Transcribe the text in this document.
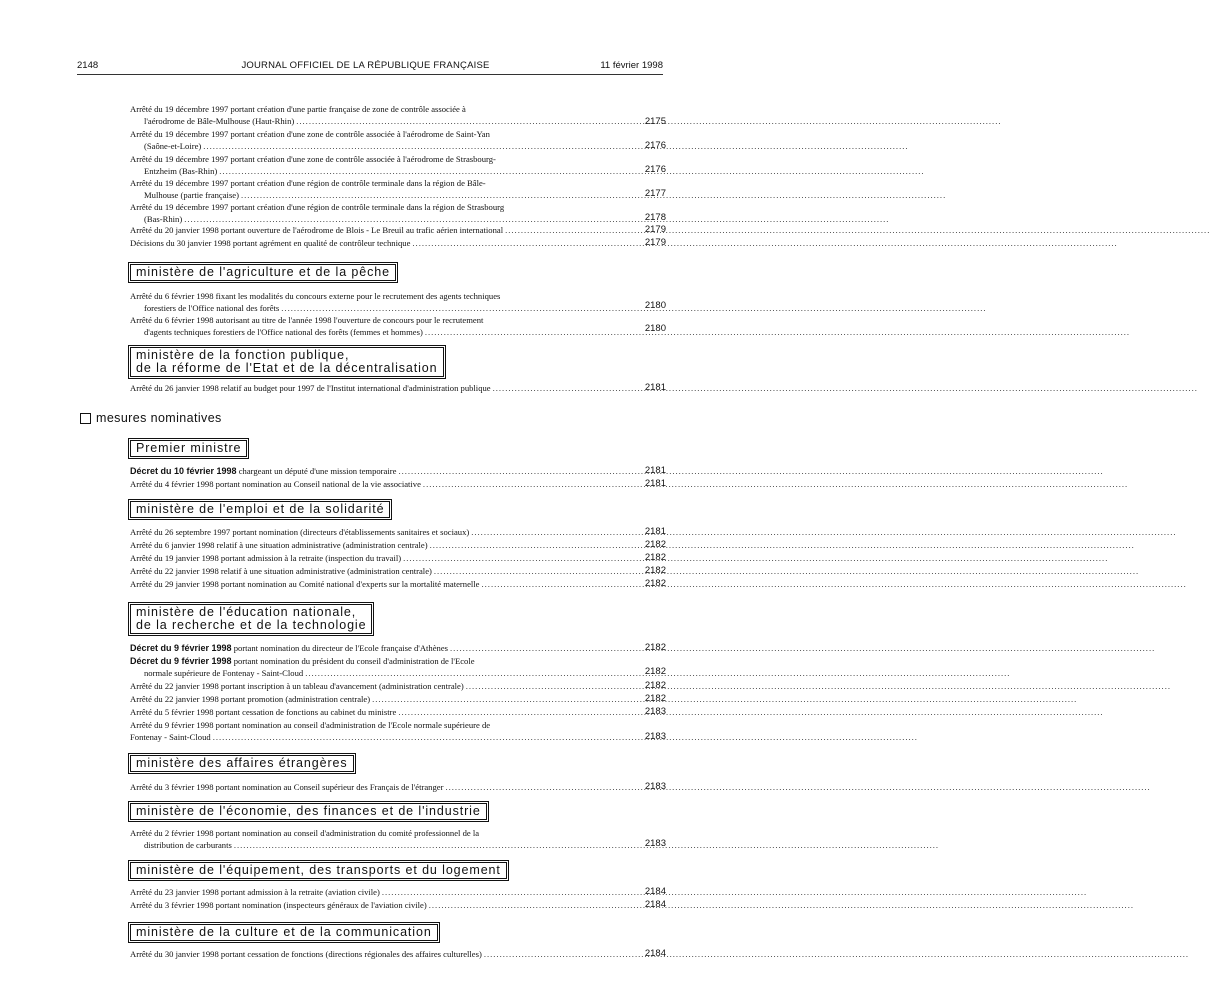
2148	JOURNAL OFFICIEL DE LA RÉPUBLIQUE FRANÇAISE	11 février 1998
Arrêté du 19 décembre 1997 portant création d'une partie française de zone de contrôle associée à
l'aérodrome de Bâle-Mulhouse (Haut-Rhin) .....	2175
Arrêté du 19 décembre 1997 portant création d'une zone de contrôle associée à l'aérodrome de Saint-Yan
(Saône-et-Loire) .....	2176
Arrêté du 19 décembre 1997 portant création d'une zone de contrôle associée à l'aérodrome de Strasbourg-
Entzheim (Bas-Rhin) .....	2176
Arrêté du 19 décembre 1997 portant création d'une région de contrôle terminale dans la région de Bâle-
Mulhouse (partie française) .....	2177
Arrêté du 19 décembre 1997 portant création d'une région de contrôle terminale dans la région de Strasbourg
(Bas-Rhin) .....	2178
Arrêté du 20 janvier 1998 portant ouverture de l'aérodrome de Blois - Le Breuil au trafic aérien international .....	2179
Décisions du 30 janvier 1998 portant agrément en qualité de contrôleur technique .....	2179
ministère de l'agriculture et de la pêche
Arrêté du 6 février 1998 fixant les modalités du concours externe pour le recrutement des agents techniques
forestiers de l'Office national des forêts .....	2180
Arrêté du 6 février 1998 autorisant au titre de l'année 1998 l'ouverture de concours pour le recrutement
d'agents techniques forestiers de l'Office national des forêts (femmes et hommes) .....	2180
ministère de la fonction publique,
de la réforme de l'Etat et de la décentralisation
Arrêté du 26 janvier 1998 relatif au budget pour 1997 de l'Institut international d'administration publique .....	2181
mesures nominatives
Premier ministre
Décret du 10 février 1998 chargeant un député d'une mission temporaire .....	2181
Arrêté du 4 février 1998 portant nomination au Conseil national de la vie associative .....	2181
ministère de l'emploi et de la solidarité
Arrêté du 26 septembre 1997 portant nomination (directeurs d'établissements sanitaires et sociaux) .....	2181
Arrêté du 6 janvier 1998 relatif à une situation administrative (administration centrale) .....	2182
Arrêté du 19 janvier 1998 portant admission à la retraite (inspection du travail) .....	2182
Arrêté du 22 janvier 1998 relatif à une situation administrative (administration centrale) .....	2182
Arrêté du 29 janvier 1998 portant nomination au Comité national d'experts sur la mortalité maternelle .....	2182
ministère de l'éducation nationale,
de la recherche et de la technologie
Décret du 9 février 1998 portant nomination du directeur de l'Ecole française d'Athènes .....	2182
Décret du 9 février 1998 portant nomination du président du conseil d'administration de l'Ecole
normale supérieure de Fontenay - Saint-Cloud .....	2182
Arrêté du 22 janvier 1998 portant inscription à un tableau d'avancement (administration centrale) .....	2182
Arrêté du 22 janvier 1998 portant promotion (administration centrale) .....	2182
Arrêté du 5 février 1998 portant cessation de fonctions au cabinet du ministre .....	2183
Arrêté du 9 février 1998 portant nomination au conseil d'administration de l'Ecole normale supérieure de
Fontenay - Saint-Cloud .....	2183
ministère des affaires étrangères
Arrêté du 3 février 1998 portant nomination au Conseil supérieur des Français de l'étranger .....	2183
ministère de l'économie, des finances et de l'industrie
Arrêté du 2 février 1998 portant nomination au conseil d'administration du comité professionnel de la
distribution de carburants .....	2183
ministère de l'équipement, des transports et du logement
Arrêté du 23 janvier 1998 portant admission à la retraite (aviation civile) .....	2184
Arrêté du 3 février 1998 portant nomination (inspecteurs généraux de l'aviation civile) .....	2184
ministère de la culture et de la communication
Arrêté du 30 janvier 1998 portant cessation de fonctions (directions régionales des affaires culturelles) .....	2184
